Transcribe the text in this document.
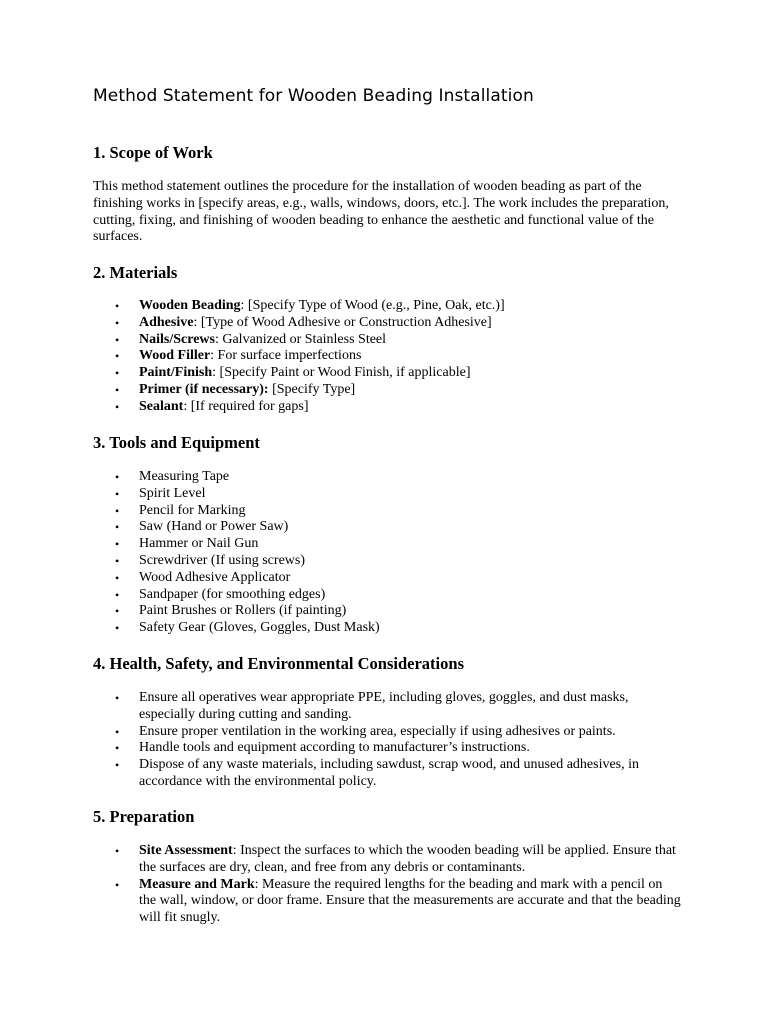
Method Statement for Wooden Beading Installation
1. Scope of Work

This method statement outlines the procedure for the installation of wooden beading as part of the finishing works in [specify areas, e.g., walls, windows, doors, etc.]. The work includes the preparation, cutting, fixing, and finishing of wooden beading to enhance the aesthetic and functional value of the surfaces.

2. Materials
• Wooden Beading: [Specify Type of Wood (e.g., Pine, Oak, etc.)]
• Adhesive: [Type of Wood Adhesive or Construction Adhesive]
• Nails/Screws: Galvanized or Stainless Steel
• Wood Filler: For surface imperfections
• Paint/Finish: [Specify Paint or Wood Finish, if applicable]
• Primer (if necessary): [Specify Type]
• Sealant: [If required for gaps]
3. Tools and Equipment
• Measuring Tape
• Spirit Level
• Pencil for Marking
• Saw (Hand or Power Saw)
• Hammer or Nail Gun
• Screwdriver (If using screws)
• Wood Adhesive Applicator
• Sandpaper (for smoothing edges)
• Paint Brushes or Rollers (if painting)
• Safety Gear (Gloves, Goggles, Dust Mask)
4. Health, Safety, and Environmental Considerations
• Ensure all operatives wear appropriate PPE, including gloves, goggles, and dust masks, especially during cutting and sanding.
• Ensure proper ventilation in the working area, especially if using adhesives or paints.
• Handle tools and equipment according to manufacturer’s instructions.
• Dispose of any waste materials, including sawdust, scrap wood, and unused adhesives, in accordance with the environmental policy.
5. Preparation
• Site Assessment: Inspect the surfaces to which the wooden beading will be applied. Ensure that the surfaces are dry, clean, and free from any debris or contaminants.
• Measure and Mark: Measure the required lengths for the beading and mark with a pencil on the wall, window, or door frame. Ensure that the measurements are accurate and that the beading will fit snugly.
